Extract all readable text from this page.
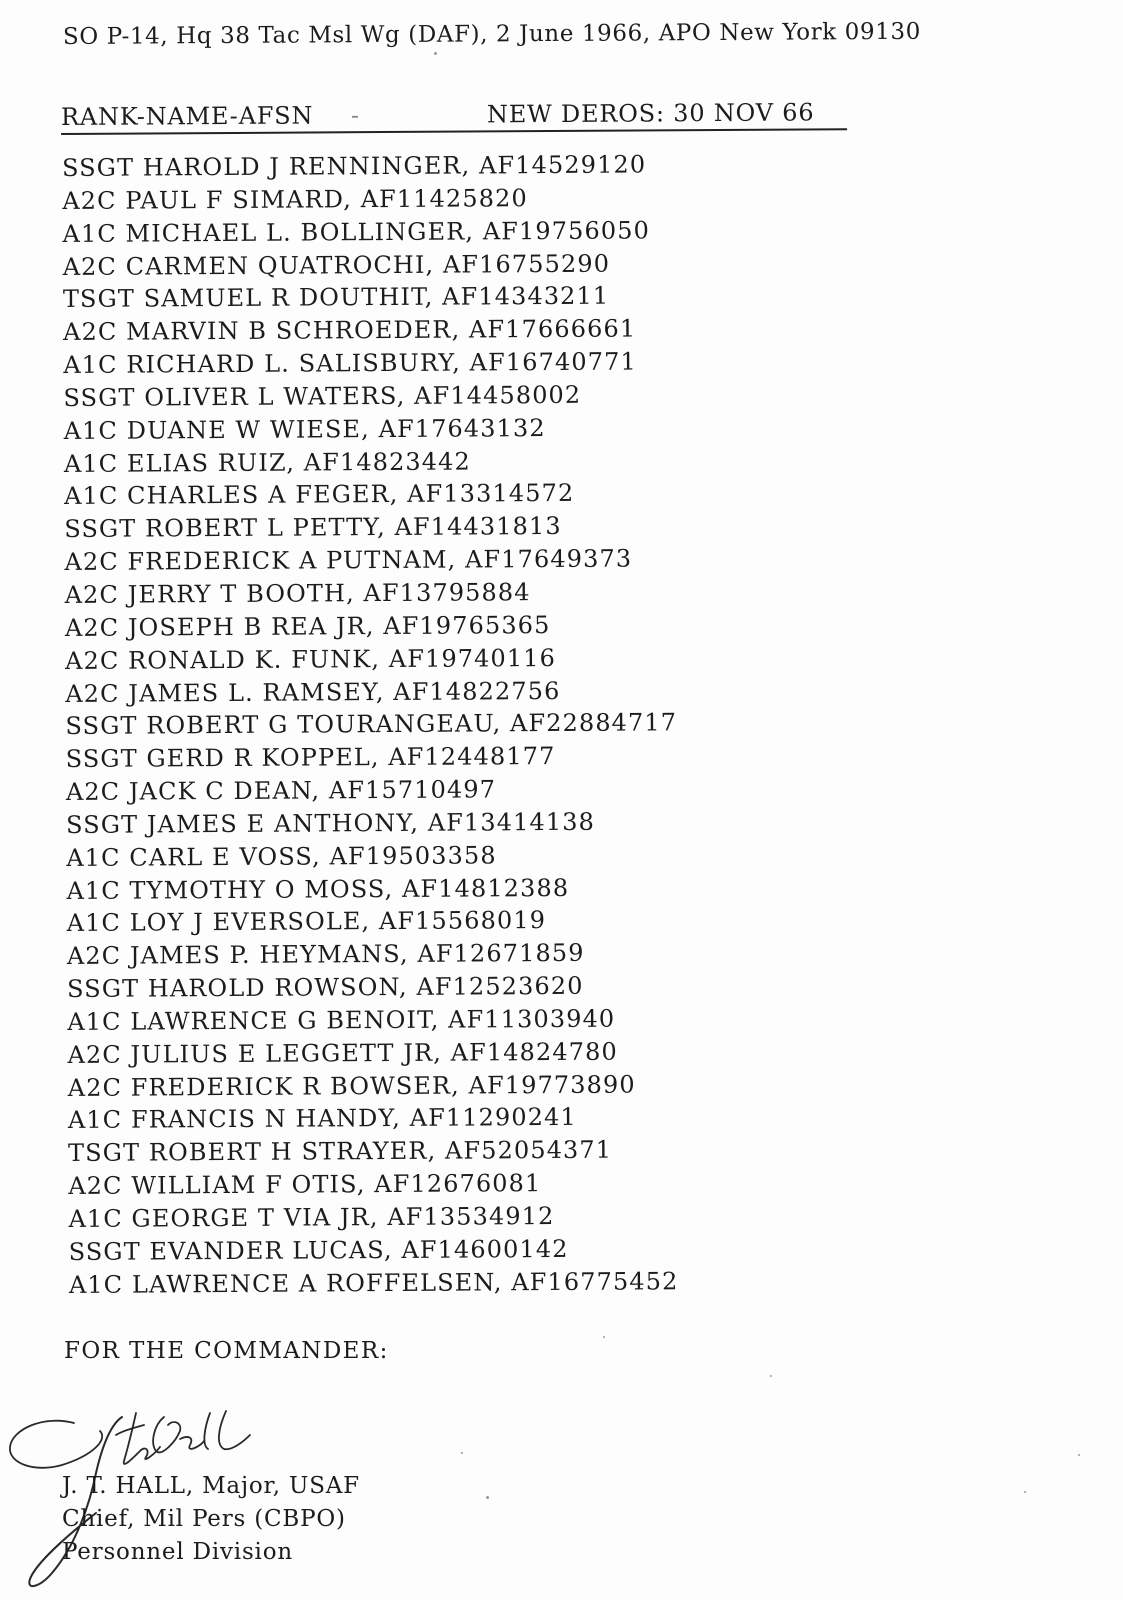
SO P-14, Hq 38 Tac Msl Wg (DAF), 2 June 1966, APO New York 09130
RANK-NAME-AFSN -	NEW DEROS: 30 NOV 66
SSGT HAROLD J RENNINGER, AF14529120
A2C PAUL F SIMARD, AF11425820
A1C MICHAEL L. BOLLINGER, AF19756050
A2C CARMEN QUATROCHI, AF16755290
TSGT SAMUEL R DOUTHIT, AF14343211
A2C MARVIN B SCHROEDER, AF17666661
A1C RICHARD L. SALISBURY, AF16740771
SSGT OLIVER L WATERS, AF14458002
A1C DUANE W WIESE, AF17643132
A1C ELIAS RUIZ, AF14823442
A1C CHARLES A FEGER, AF13314572
SSGT ROBERT L PETTY, AF14431813
A2C FREDERICK A PUTNAM, AF17649373
A2C JERRY T BOOTH, AF13795884
A2C JOSEPH B REA JR, AF19765365
A2C RONALD K. FUNK, AF19740116
A2C JAMES L. RAMSEY, AF14822756
SSGT ROBERT G TOURANGEAU, AF22884717
SSGT GERD R KOPPEL, AF12448177
A2C JACK C DEAN, AF15710497
SSGT JAMES E ANTHONY, AF13414138
A1C CARL E VOSS, AF19503358
A1C TYMOTHY O MOSS, AF14812388
A1C LOY J EVERSOLE, AF15568019
A2C JAMES P. HEYMANS, AF12671859
SSGT HAROLD ROWSON, AF12523620
A1C LAWRENCE G BENOIT, AF11303940
A2C JULIUS E LEGGETT JR, AF14824780
A2C FREDERICK R BOWSER, AF19773890
A1C FRANCIS N HANDY, AF11290241
TSGT ROBERT H STRAYER, AF52054371
A2C WILLIAM F OTIS, AF12676081
A1C GEORGE T VIA JR, AF13534912
SSGT EVANDER LUCAS, AF14600142
A1C LAWRENCE A ROFFELSEN, AF16775452
FOR THE COMMANDER:
J. T. HALL, Major, USAF
Chief, Mil Pers (CBPO)
Personnel Division
